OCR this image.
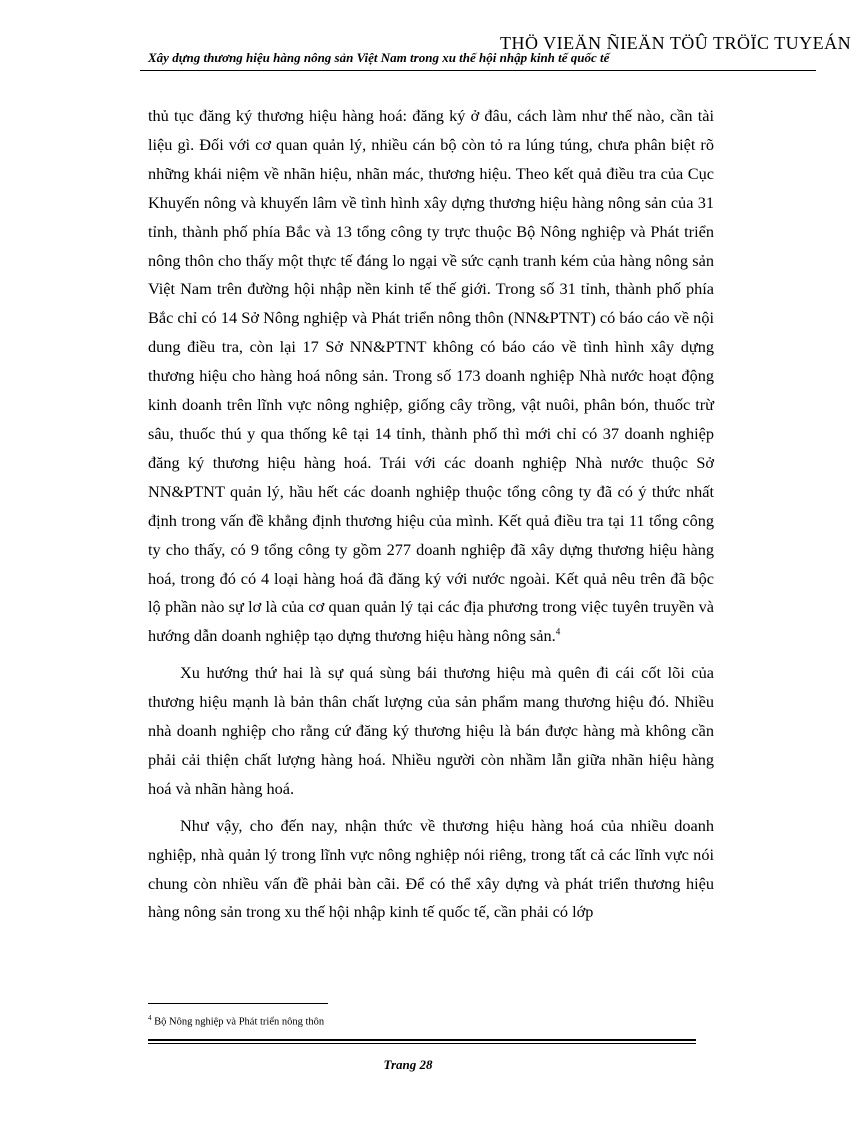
Xây dựng thương hiệu hàng nông sản Việt Nam trong xu thế hội nhập kinh tế quốc tế
THÖ VIEÄN ÑIEÄN TÖÛ TRÖÏC TUYEÁN

thủ tục đăng ký thương hiệu hàng hoá: đăng ký ở đâu, cách làm như thế nào, cần tài liệu gì. Đối với cơ quan quản lý, nhiều cán bộ còn tỏ ra lúng túng, chưa phân biệt rõ những khái niệm về nhãn hiệu, nhãn mác, thương hiệu. Theo kết quả điều tra của Cục Khuyến nông và khuyến lâm về tình hình xây dựng thương hiệu hàng nông sản của 31 tỉnh, thành phố phía Bắc và 13 tổng công ty trực thuộc Bộ Nông nghiệp và Phát triển nông thôn cho thấy một thực tế đáng lo ngại về sức cạnh tranh kém của hàng nông sản Việt Nam trên đường hội nhập nền kinh tế thế giới. Trong số 31 tỉnh, thành phố phía Bắc chỉ có 14 Sở Nông nghiệp và Phát triển nông thôn (NN&PTNT) có báo cáo về nội dung điều tra, còn lại 17 Sở NN&PTNT không có báo cáo về tình hình xây dựng thương hiệu cho hàng hoá nông sản. Trong số 173 doanh nghiệp Nhà nước hoạt động kinh doanh trên lĩnh vực nông nghiệp, giống cây trồng, vật nuôi, phân bón, thuốc trừ sâu, thuốc thú y qua thống kê tại 14 tỉnh, thành phố thì mới chỉ có 37 doanh nghiệp đăng ký thương hiệu hàng hoá. Trái với các doanh nghiệp Nhà nước thuộc Sở NN&PTNT quản lý, hầu hết các doanh nghiệp thuộc tổng công ty đã có ý thức nhất định trong vấn đề khẳng định thương hiệu của mình. Kết quả điều tra tại 11 tổng công ty cho thấy, có 9 tổng công ty gồm 277 doanh nghiệp đã xây dựng thương hiệu hàng hoá, trong đó có 4 loại hàng hoá đã đăng ký với nước ngoài. Kết quả nêu trên đã bộc lộ phần nào sự lơ là của cơ quan quản lý tại các địa phương trong việc tuyên truyền và hướng dẫn doanh nghiệp tạo dựng thương hiệu hàng nông sản.$^4$

Xu hướng thứ hai là sự quá sùng bái thương hiệu mà quên đi cái cốt lõi của thương hiệu mạnh là bản thân chất lượng của sản phẩm mang thương hiệu đó. Nhiều nhà doanh nghiệp cho rằng cứ đăng ký thương hiệu là bán được hàng mà không cần phải cải thiện chất lượng hàng hoá. Nhiều người còn nhầm lẫn giữa nhãn hiệu hàng hoá và nhãn hàng hoá.

Như vậy, cho đến nay, nhận thức về thương hiệu hàng hoá của nhiều doanh nghiệp, nhà quản lý trong lĩnh vực nông nghiệp nói riêng, trong tất cả các lĩnh vực nói chung còn nhiều vấn đề phải bàn cãi. Để có thể xây dựng và phát triển thương hiệu hàng nông sản trong xu thế hội nhập kinh tế quốc tế, cần phải có lớp

$^4$ Bộ Nông nghiệp và Phát triển nông thôn
Trang 28
